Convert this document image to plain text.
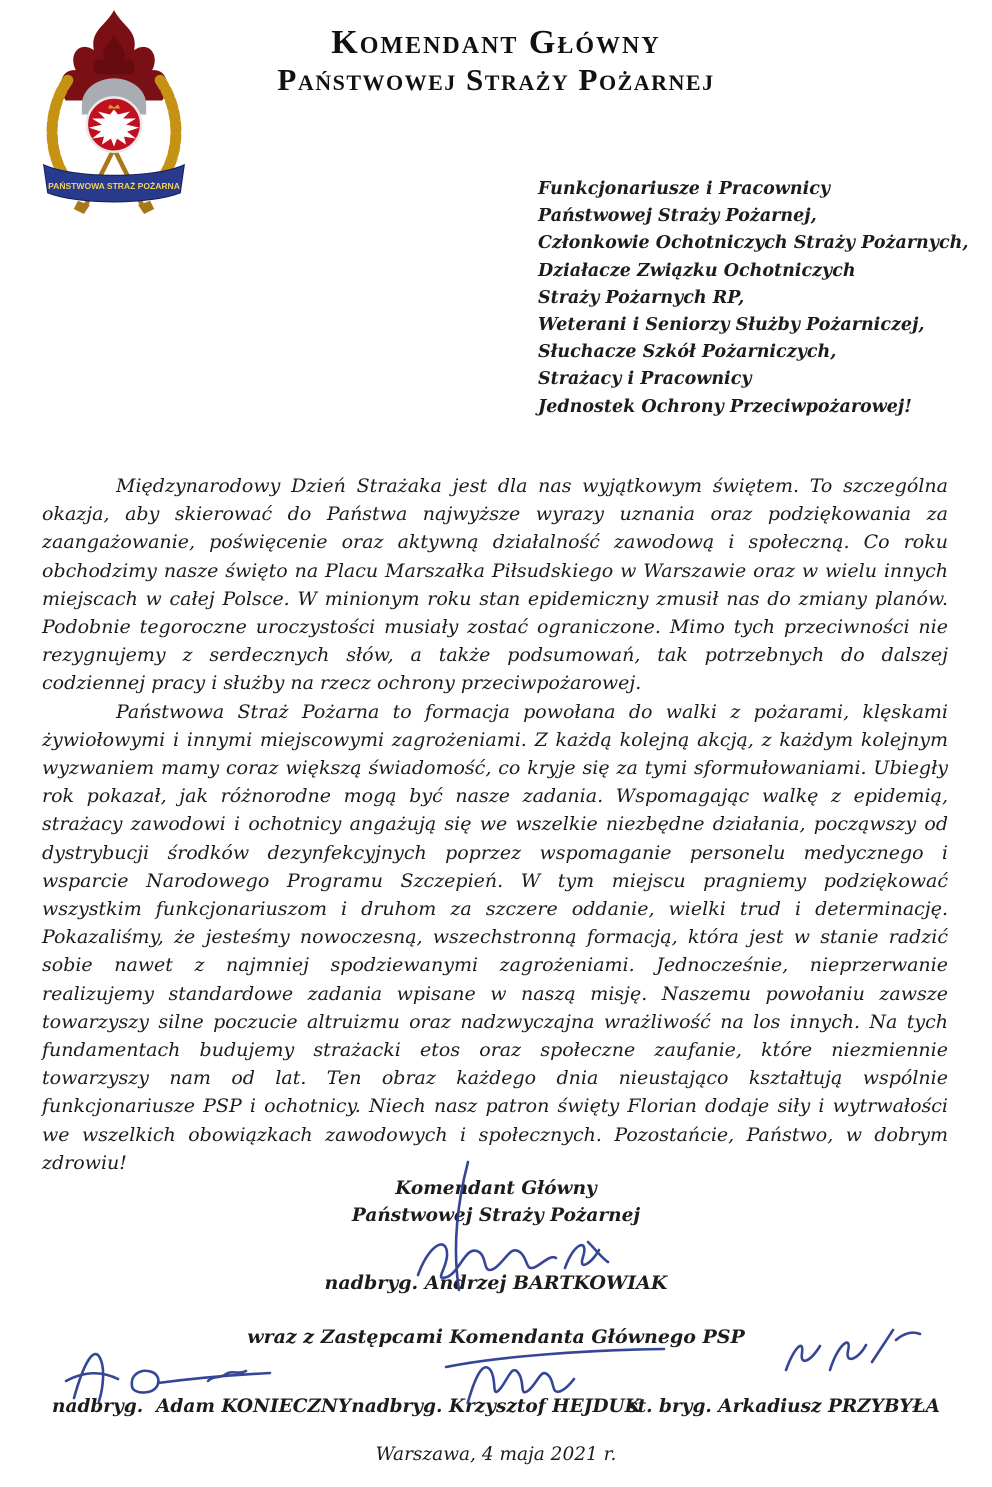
PAŃSTWOWA STRAŻ POŻARNA
Komendant Główny
Państwowej Straży Pożarnej
Funkcjonariusze i Pracownicy
Państwowej Straży Pożarnej,
Członkowie Ochotniczych Straży Pożarnych,
Działacze Związku Ochotniczych
Straży Pożarnych RP,
Weterani i Seniorzy Służby Pożarniczej,
Słuchacze Szkół Pożarniczych,
Strażacy i Pracownicy
Jednostek Ochrony Przeciwpożarowej!

Międzynarodowy Dzień Strażaka jest dla nas wyjątkowym świętem. To szczególna okazja, aby skierować do Państwa najwyższe wyrazy uznania oraz podziękowania za zaangażowanie, poświęcenie oraz aktywną działalność zawodową i społeczną. Co roku obchodzimy nasze święto na Placu Marszałka Piłsudskiego w Warszawie oraz w wielu innych miejscach w całej Polsce. W minionym roku stan epidemiczny zmusił nas do zmiany planów. Podobnie tegoroczne uroczystości musiały zostać ograniczone. Mimo tych przeciwności nie rezygnujemy z serdecznych słów, a także podsumowań, tak potrzebnych do dalszej codziennej pracy i służby na rzecz ochrony przeciwpożarowej.

Państwowa Straż Pożarna to formacja powołana do walki z pożarami, klęskami żywiołowymi i innymi miejscowymi zagrożeniami. Z każdą kolejną akcją, z każdym kolejnym wyzwaniem mamy coraz większą świadomość, co kryje się za tymi sformułowaniami. Ubiegły rok pokazał, jak różnorodne mogą być nasze zadania. Wspomagając walkę z epidemią, strażacy zawodowi i ochotnicy angażują się we wszelkie niezbędne działania, począwszy od dystrybucji środków dezynfekcyjnych poprzez wspomaganie personelu medycznego i wsparcie Narodowego Programu Szczepień. W tym miejscu pragniemy podziękować wszystkim funkcjonariuszom i druhom za szczere oddanie, wielki trud i determinację. Pokazaliśmy, że jesteśmy nowoczesną, wszechstronną formacją, która jest w stanie radzić sobie nawet z najmniej spodziewanymi zagrożeniami. Jednocześnie, nieprzerwanie realizujemy standardowe zadania wpisane w naszą misję. Naszemu powołaniu zawsze towarzyszy silne poczucie altruizmu oraz nadzwyczajna wrażliwość na los innych. Na tych fundamentach budujemy strażacki etos oraz społeczne zaufanie, które niezmiennie towarzyszy nam od lat. Ten obraz każdego dnia nieustająco kształtują wspólnie funkcjonariusze PSP i ochotnicy. Niech nasz patron święty Florian dodaje siły i wytrwałości we wszelkich obowiązkach zawodowych i społecznych. Pozostańcie, Państwo, w dobrym zdrowiu!

Komendant Główny
Państwowej Straży Pożarnej
nadbryg. Andrzej BARTKOWIAK
wraz z Zastępcami Komendanta Głównego PSP
nadbryg.  Adam KONIECZNY nadbryg. Krzysztof HEJDUK
st. bryg. Arkadiusz PRZYBYŁA
Warszawa, 4 maja 2021 r.
